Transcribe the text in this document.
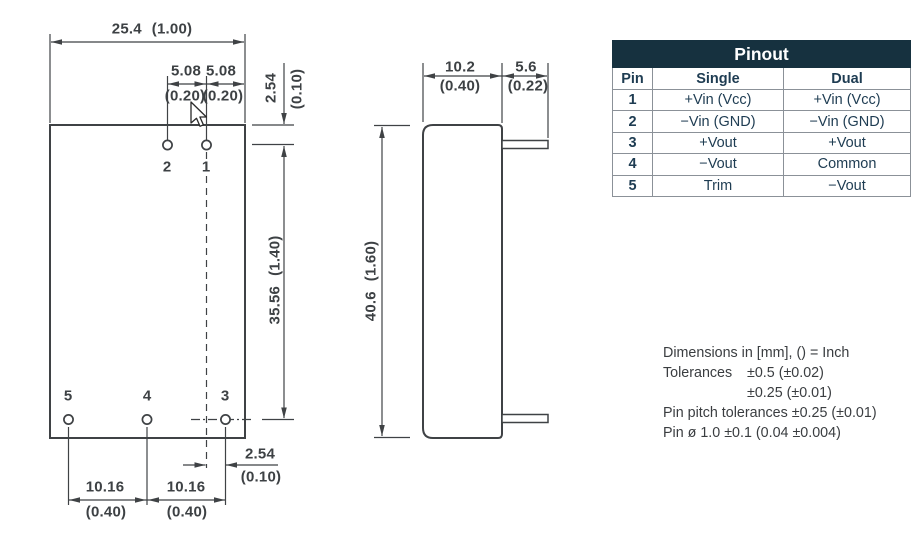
25.4 (1.00)
5.08 5.08
(0.20)
(0.20) 2.54 (0.10)
35.56(1.40)
2.54
(0.10)
10.16	10.16
(0.40)	(0.40)
2 1
5	4	3
10.2
(0.40)
5.6
(0.22)
40.6(1.60)
Pinout		
Pin	Single	Dual
1	+Vin (Vcc)	+Vin (Vcc)
2	−Vin (GND)	−Vin (GND)
3	+Vout	+Vout
4	−Vout	Common
5	Trim	−Vout
Dimensions in [mm], () = Inch
Tolerances	±0.5 (±0.02)
±0.25 (±0.01)
Pin pitch tolerances ±0.25 (±0.01)
Pin ø 1.0 ±0.1 (0.04 ±0.004)
